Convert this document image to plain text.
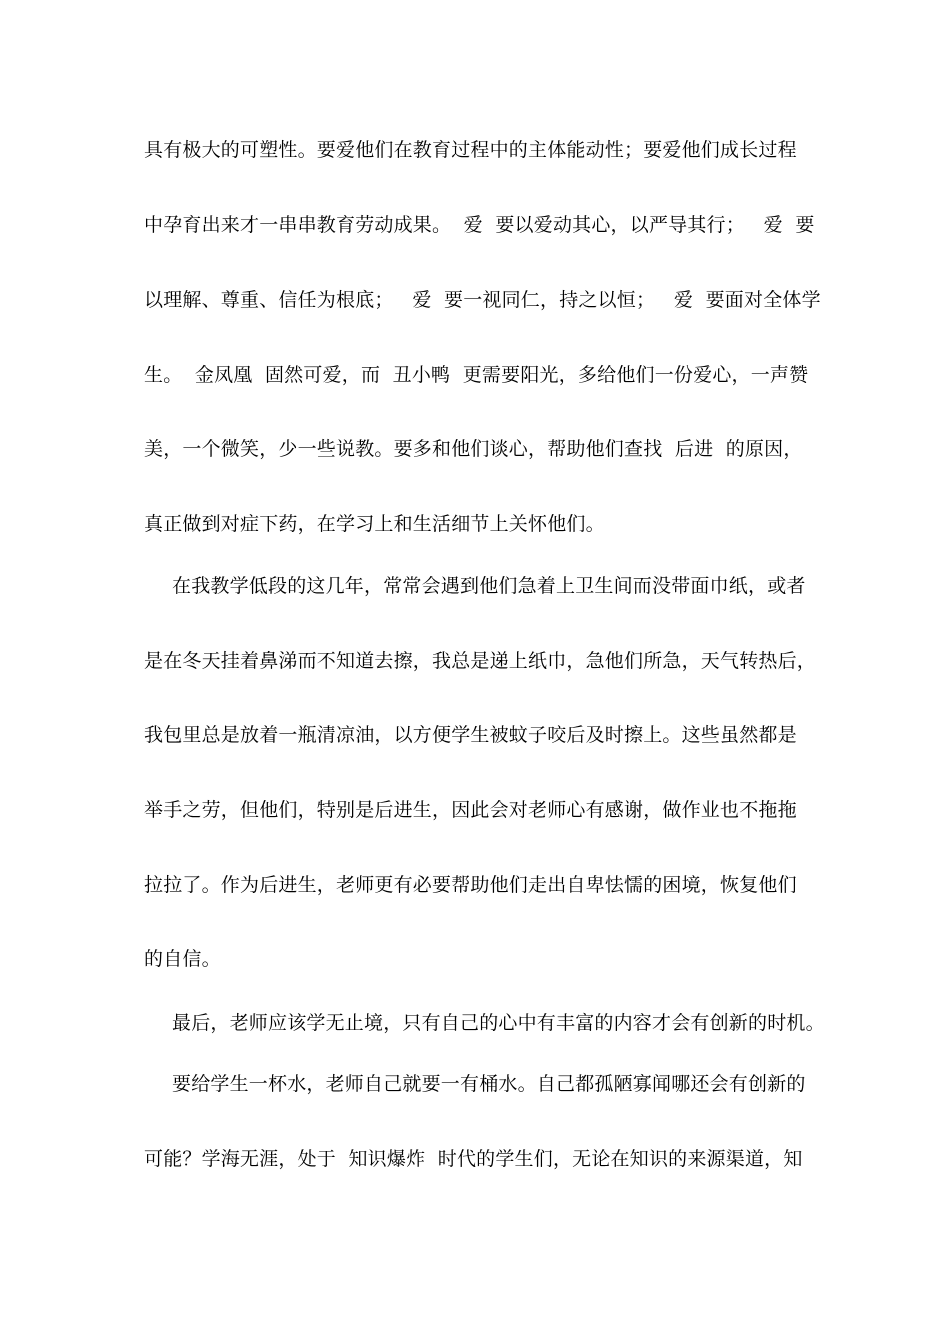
具有极大的可塑性。要爱他们在教育过程中的主体能动性；要爱他们成长过程
中孕育出来才一串串教育劳动成果。  爱  要以爱动其心，以严导其行；   爱  要
以理解、尊重、信任为根底；   爱  要一视同仁，持之以恒；   爱  要面对全体学
生。  金凤凰  固然可爱，而  丑小鸭  更需要阳光，多给他们一份爱心，一声赞
美，一个微笑，少一些说教。要多和他们谈心，帮助他们查找  后进  的原因，
真正做到对症下药，在学习上和生活细节上关怀他们。
在我教学低段的这几年，常常会遇到他们急着上卫生间而没带面巾纸，或者
是在冬天挂着鼻涕而不知道去擦，我总是递上纸巾，急他们所急，天气转热后，
我包里总是放着一瓶清凉油，以方便学生被蚊子咬后及时擦上。这些虽然都是
举手之劳，但他们，特别是后进生，因此会对老师心有感谢，做作业也不拖拖
拉拉了。作为后进生，老师更有必要帮助他们走出自卑怯懦的困境，恢复他们
的自信。
最后，老师应该学无止境，只有自己的心中有丰富的内容才会有创新的时机。
要给学生一杯水，老师自己就要一有桶水。自己都孤陋寡闻哪还会有创新的
可能？学海无涯，处于  知识爆炸  时代的学生们，无论在知识的来源渠道，知
